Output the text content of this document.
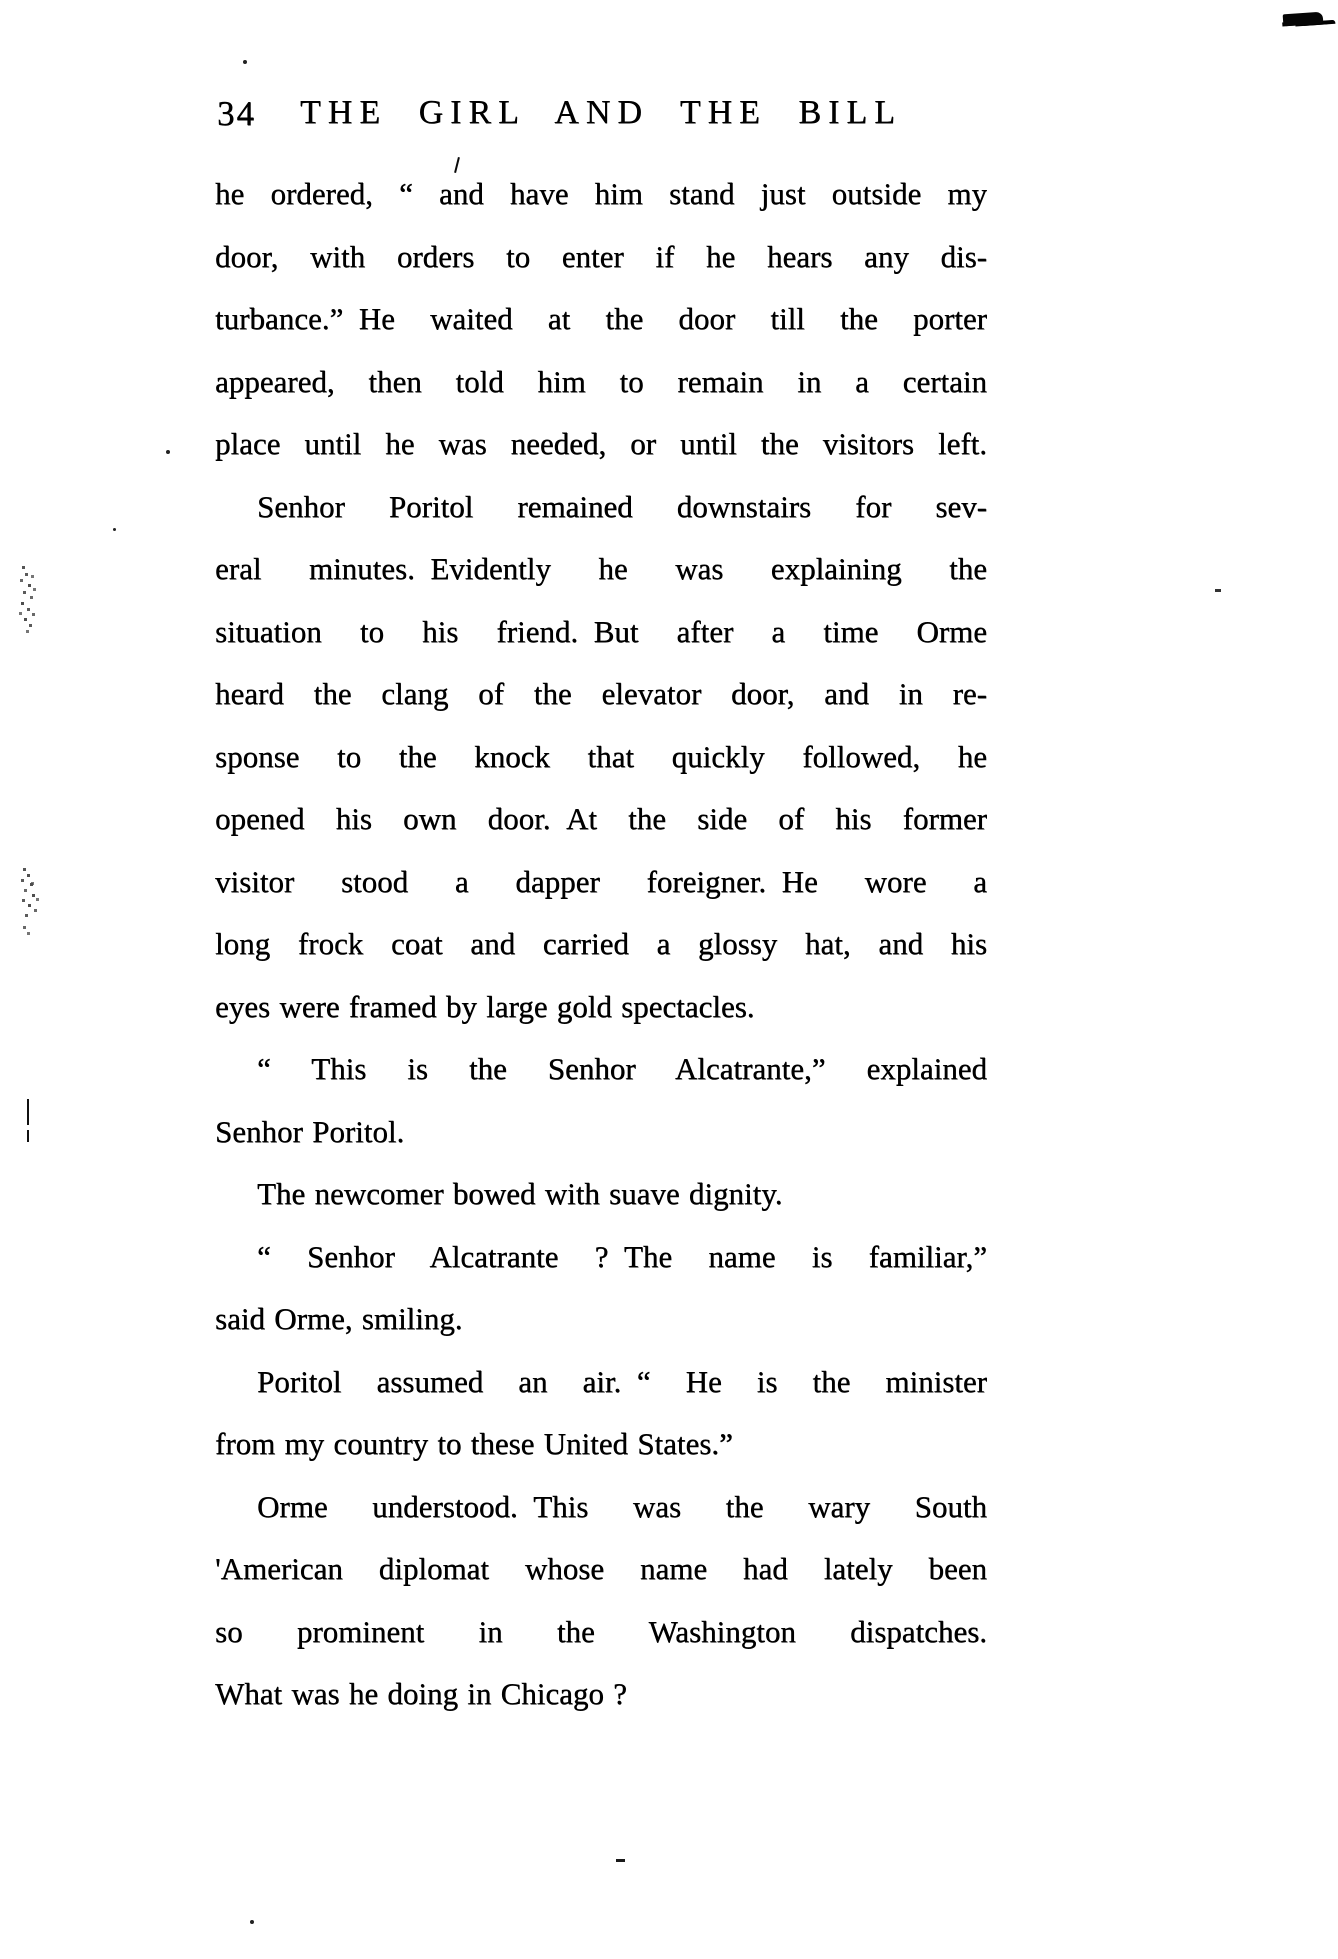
34	THE GIRL AND THE BILL
he ordered, “ and have him stand just outside my
door, with orders to enter if he hears any dis-
turbance.” He waited at the door till the porter
appeared, then told him to remain in a certain
place until he was needed, or until the visitors left.
Senhor Poritol remained downstairs for sev-
eral minutes. Evidently he was explaining the
situation to his friend. But after a time Orme
heard the clang of the elevator door, and in re-
sponse to the knock that quickly followed, he
opened his own door. At the side of his former
visitor stood a dapper foreigner. He wore a
long frock coat and carried a glossy hat, and his
eyes were framed by large gold spectacles.
“ This is the Senhor Alcatrante,” explained
Senhor Poritol.
The newcomer bowed with suave dignity.
“ Senhor Alcatrante ? The name is familiar,”
said Orme, smiling.
Poritol assumed an air. “ He is the minister
from my country to these United States.”
Orme understood. This was the wary South
'American diplomat whose name had lately been
so prominent in the Washington dispatches.
What was he doing in Chicago ?
